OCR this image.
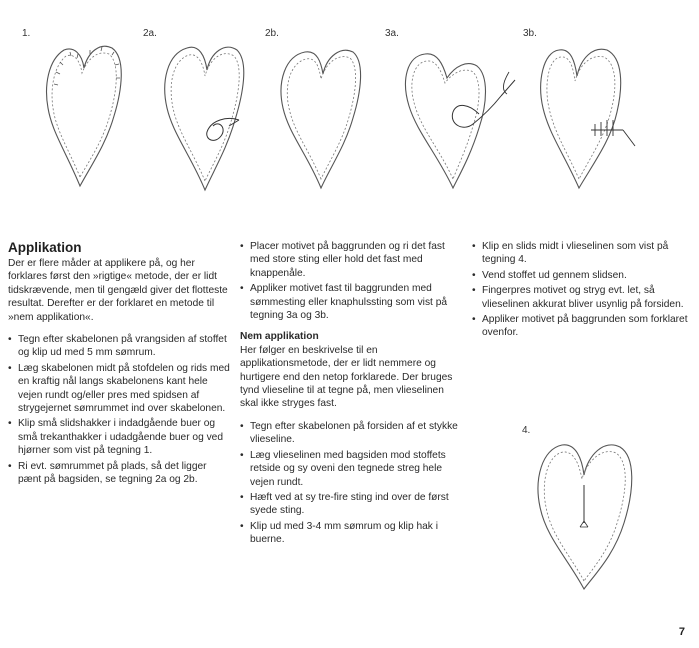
1.	2a.	2b.	3a.	3b.
Applikation

Der er flere måder at applikere på, og her forklares først den »rigtige« metode, der er lidt tidskrævende, men til gengæld giver det flotteste resultat. Derefter er der forklaret en metode til »nem applikation«.

• Tegn efter skabelonen på vrangsiden af stoffet og klip ud med 5 mm sømrum.
• Læg skabelonen midt på stofdelen og rids med en kraftig nål langs skabelonens kant hele vejen rundt og/eller pres med spidsen af strygejernet sømrummet ind over skabelonen.
• Klip små slidshakker i indadgående buer og små trekanthakker i udadgående buer og ved hjørner som vist på tegning 1.
• Ri evt. sømrummet på plads, så det ligger pænt på bagsiden, se tegning 2a og 2b.
• Placer motivet på baggrunden og ri det fast med store sting eller hold det fast med knappenåle.
• Appliker motivet fast til baggrunden med sømmesting eller knaphulssting som vist på tegning 3a og 3b.
Nem applikation

Her følger en beskrivelse til en applikationsmetode, der er lidt nemmere og hurtigere end den netop forklarede. Der bruges tynd vlieseline til at tegne på, men vlieselinen skal ikke stryges fast.

• Tegn efter skabelonen på forsiden af et stykke vlieseline.
• Læg vlieselinen med bagsiden mod stoffets retside og sy oveni den tegnede streg hele vejen rundt.
• Hæft ved at sy tre-fire sting ind over de først syede sting.
• Klip ud med 3-4 mm sømrum og klip hak i buerne.
• Klip en slids midt i vlieselinen som vist på tegning 4.
• Vend stoffet ud gennem slidsen.
• Fingerpres motivet og stryg evt. let, så vlieselinen akkurat bliver usynlig på forsiden.
• Appliker motivet på baggrunden som forklaret ovenfor.
4.
7
